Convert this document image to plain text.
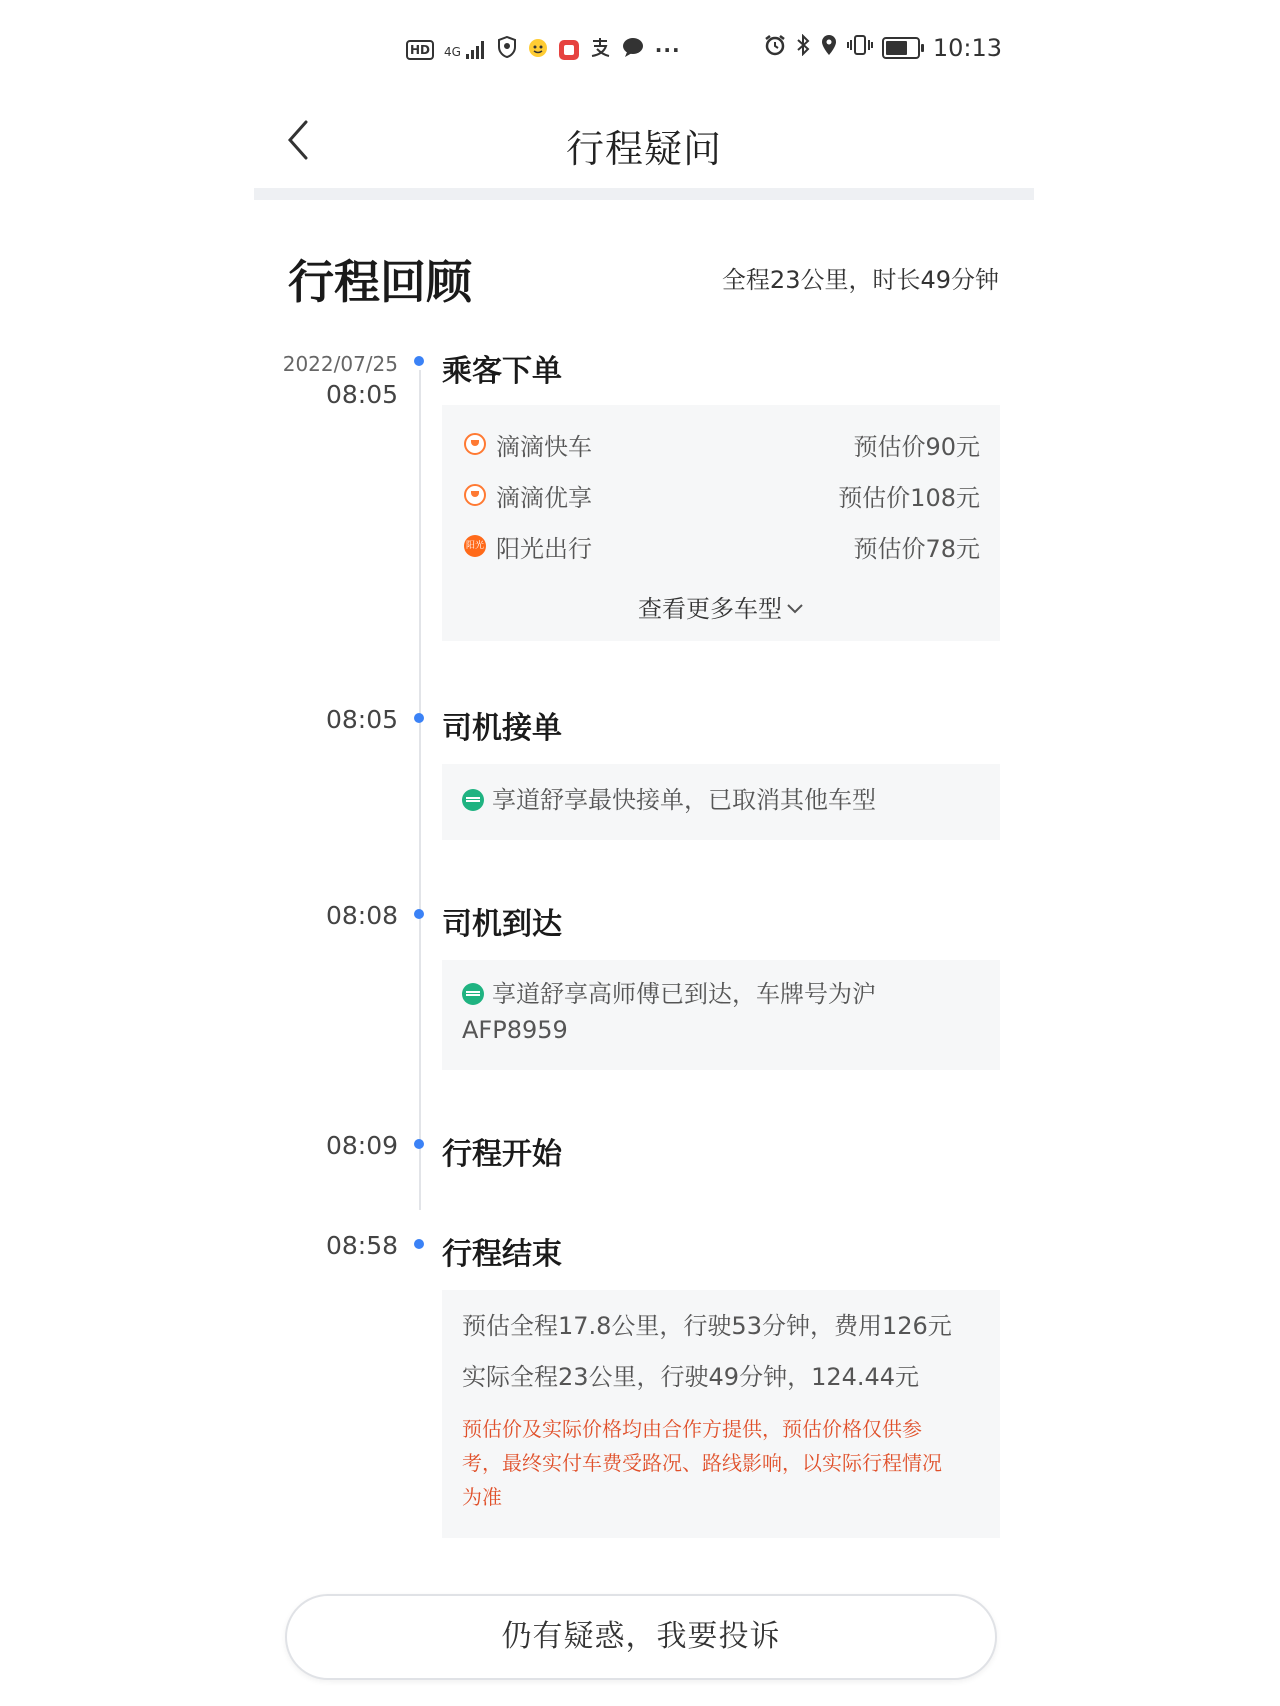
HD	4G	···	10:13
行程疑问
行程回顾	全程23公里，时长49分钟
2022/07/25
08:05
乘客下单
滴滴快车	预估价90元
滴滴优享	预估价108元
阳光 阳光出行	预估价78元
查看更多车型
08:05 司机接单
享道舒享最快接单，已取消其他车型
08:08 司机到达
享道舒享高师傅已到达，车牌号为沪
AFP8959
08:09 行程开始
08:58 行程结束
预估全程17.8公里，行驶53分钟，费用126元
实际全程23公里，行驶49分钟，124.44元
预估价及实际价格均由合作方提供，预估价格仅供参
考，最终实付车费受路况、路线影响，以实际行程情况
为准
仍有疑惑，我要投诉
